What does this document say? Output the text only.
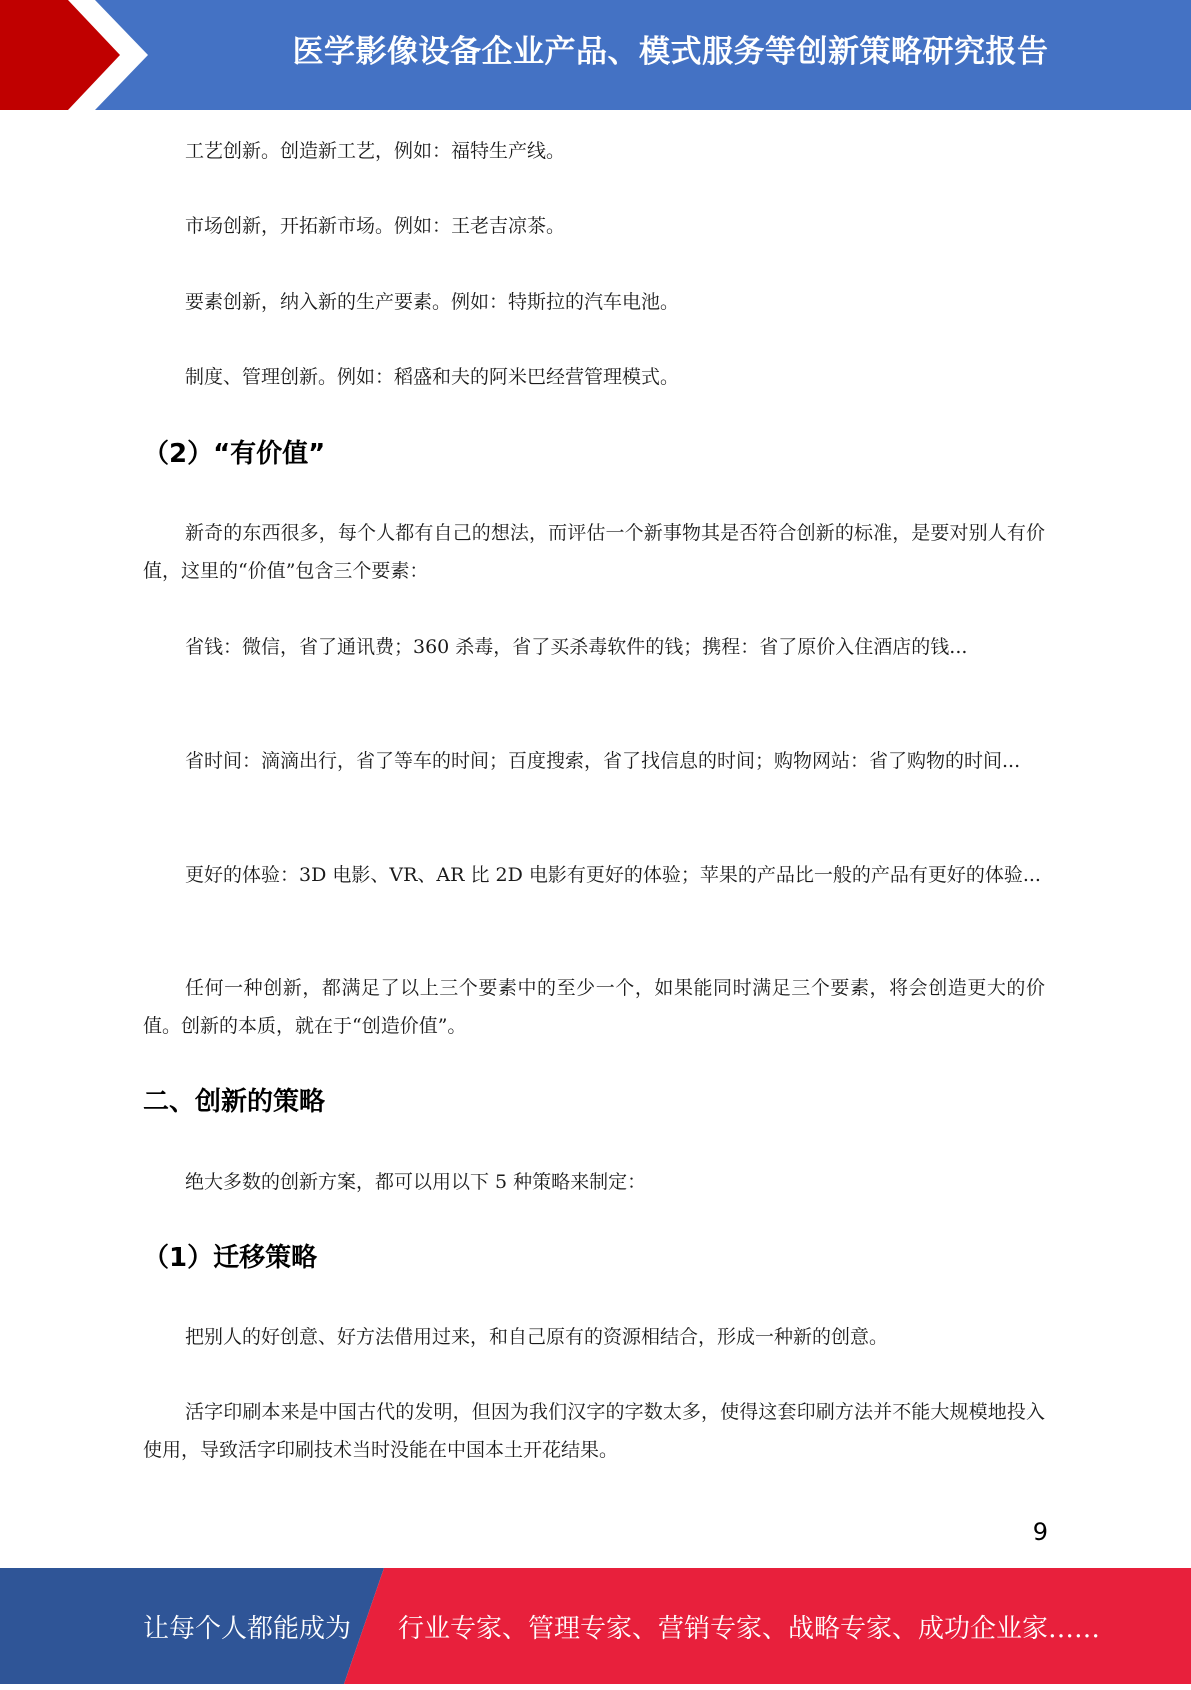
医学影像设备企业产品、模式服务等创新策略研究报告

工艺创新。创造新工艺，例如：福特生产线。

市场创新，开拓新市场。例如：王老吉凉茶。

要素创新，纳入新的生产要素。例如：特斯拉的汽车电池。

制度、管理创新。例如：稻盛和夫的阿米巴经营管理模式。

（2）“有价值”

新奇的东西很多，每个人都有自己的想法，而评估一个新事物其是否符合创新的标准，是要对别人有价值，这里的“价值”包含三个要素：

省钱：微信，省了通讯费；360 杀毒，省了买杀毒软件的钱；携程：省了原价入住酒店的钱...

省时间：滴滴出行，省了等车的时间；百度搜索，省了找信息的时间；购物网站：省了购物的时间...

更好的体验：3D 电影、VR、AR 比 2D 电影有更好的体验；苹果的产品比一般的产品有更好的体验...

任何一种创新，都满足了以上三个要素中的至少一个，如果能同时满足三个要素，将会创造更大的价值。创新的本质，就在于“创造价值”。

二、创新的策略

绝大多数的创新方案，都可以用以下 5 种策略来制定：

（1）迁移策略

把别人的好创意、好方法借用过来，和自己原有的资源相结合，形成一种新的创意。

活字印刷本来是中国古代的发明，但因为我们汉字的字数太多，使得这套印刷方法并不能大规模地投入使用，导致活字印刷技术当时没能在中国本土开花结果。

9
让每个人都能成为 行业专家、管理专家、营销专家、战略专家、成功企业家……
